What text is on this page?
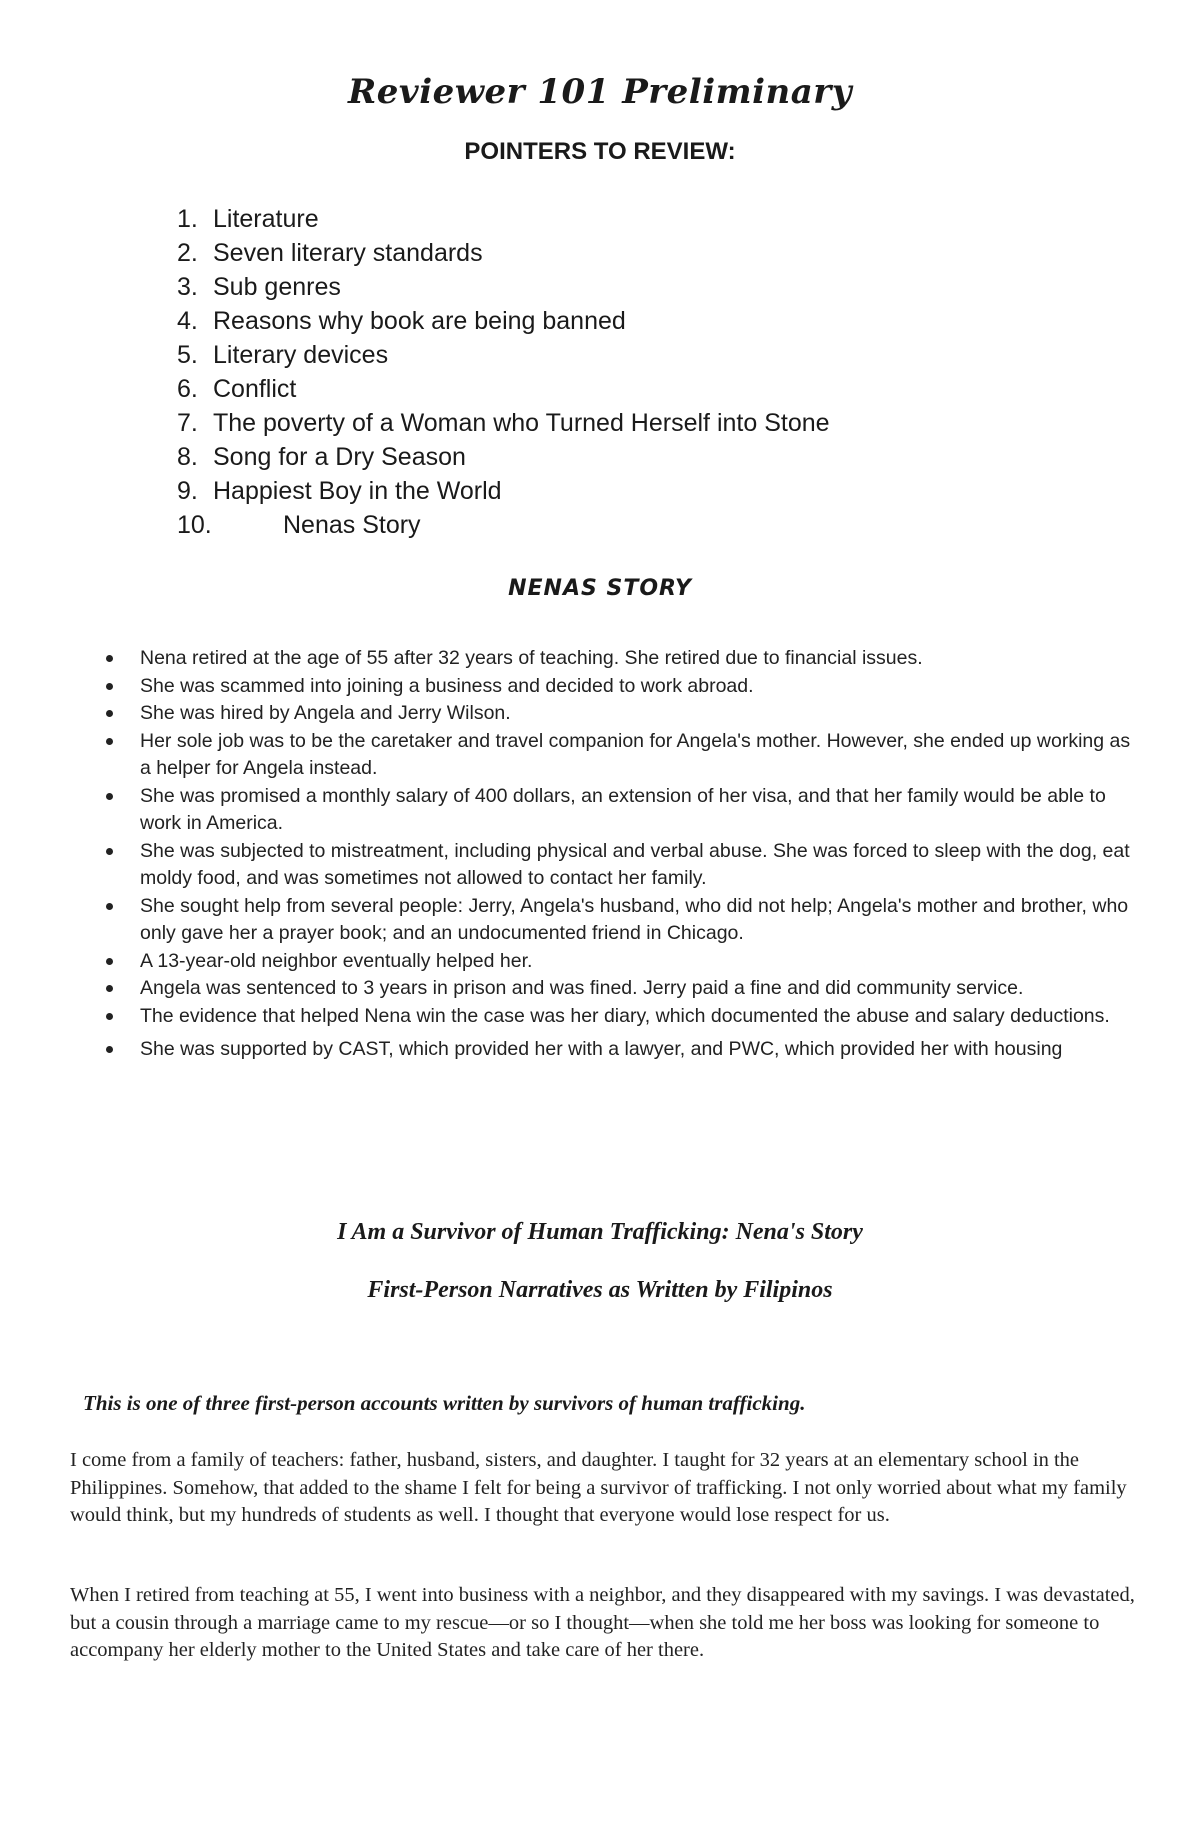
Reviewer 101 Preliminary
POINTERS TO REVIEW:
1. Literature
2. Seven literary standards
3. Sub genres
4. Reasons why book are being banned
5. Literary devices
6. Conflict
7. The poverty of a Woman who Turned Herself into Stone
8. Song for a Dry Season
9. Happiest Boy in the World
10.	Nenas Story
NENAS STORY
Nena retired at the age of 55 after 32 years of teaching. She retired due to financial issues.
She was scammed into joining a business and decided to work abroad.
She was hired by Angela and Jerry Wilson.
Her sole job was to be the caretaker and travel companion for Angela's mother. However, she ended up working as a helper for Angela instead.
She was promised a monthly salary of 400 dollars, an extension of her visa, and that her family would be able to work in America.
She was subjected to mistreatment, including physical and verbal abuse. She was forced to sleep with the dog, eat moldy food, and was sometimes not allowed to contact her family.
She sought help from several people: Jerry, Angela's husband, who did not help; Angela's mother and brother, who only gave her a prayer book; and an undocumented friend in Chicago.
A 13-year-old neighbor eventually helped her.
Angela was sentenced to 3 years in prison and was fined. Jerry paid a fine and did community service.
The evidence that helped Nena win the case was her diary, which documented the abuse and salary deductions.
She was supported by CAST, which provided her with a lawyer, and PWC, which provided her with housing
I Am a Survivor of Human Trafficking: Nena's Story
First-Person Narratives as Written by Filipinos

This is one of three first-person accounts written by survivors of human trafficking.

I come from a family of teachers: father, husband, sisters, and daughter. I taught for 32 years at an elementary school in the Philippines. Somehow, that added to the shame I felt for being a survivor of trafficking. I not only worried about what my family would think, but my hundreds of students as well. I thought that everyone would lose respect for us.

When I retired from teaching at 55, I went into business with a neighbor, and they disappeared with my savings. I was devastated, but a cousin through a marriage came to my rescue—or so I thought—when she told me her boss was looking for someone to accompany her elderly mother to the United States and take care of her there.
